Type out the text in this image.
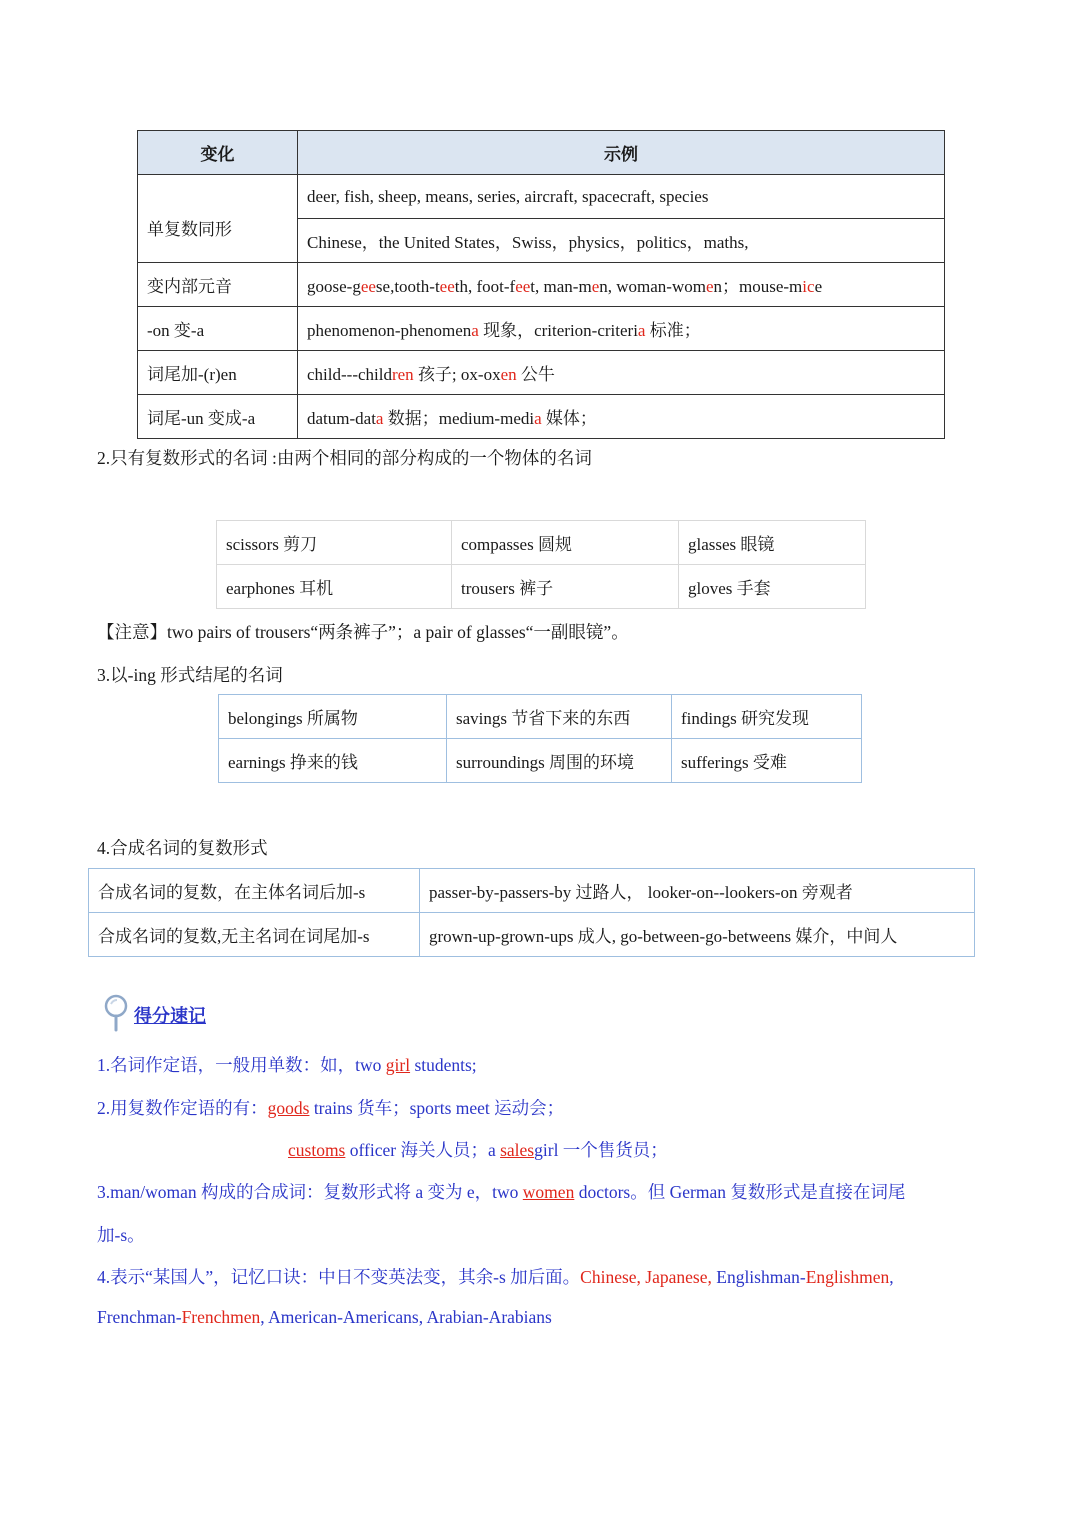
变化	示例
单复数同形	deer, fish, sheep, means, series, aircraft, spacecraft, species
	Chinese，the United States，Swiss，physics，politics，maths,
变内部元音	goose-geese,tooth-teeth, foot-feet, man-men, woman-women；mouse-mice
-on 变-a	phenomenon-phenomena 现象，criterion-criteria 标准；
词尾加-(r)en	child---children 孩子; ox-oxen 公牛
词尾-un 变成-a	datum-data 数据；medium-media 媒体；
2.只有复数形式的名词 :由两个相同的部分构成的一个物体的名词
scissors 剪刀	compasses 圆规	glasses 眼镜
earphones 耳机	trousers 裤子	gloves 手套
【注意】two pairs of trousers“两条裤子”；a pair of glasses“一副眼镜”。
3.以-ing 形式结尾的名词
belongings 所属物	savings 节省下来的东西	findings 研究发现
earnings 挣来的钱	surroundings 周围的环境	sufferings 受难
4.合成名词的复数形式
合成名词的复数，在主体名词后加-s	passer-by-passers-by 过路人， looker-on--lookers-on 旁观者
合成名词的复数,无主名词在词尾加-s	grown-up-grown-ups 成人, go-between-go-betweens 媒介，中间人
得分速记
1.名词作定语，一般用单数：如，two girl students;
2.用复数作定语的有：goods trains 货车；sports meet 运动会；
customs officer 海关人员；a salesgirl 一个售货员；
3.man/woman 构成的合成词：复数形式将 a 变为 e，two women doctors。但 German 复数形式是直接在词尾
加-s。
4.表示“某国人”，记忆口诀：中日不变英法变，其余-s 加后面。Chinese, Japanese, Englishman-Englishmen,
Frenchman-Frenchmen, American-Americans, Arabian-Arabians
